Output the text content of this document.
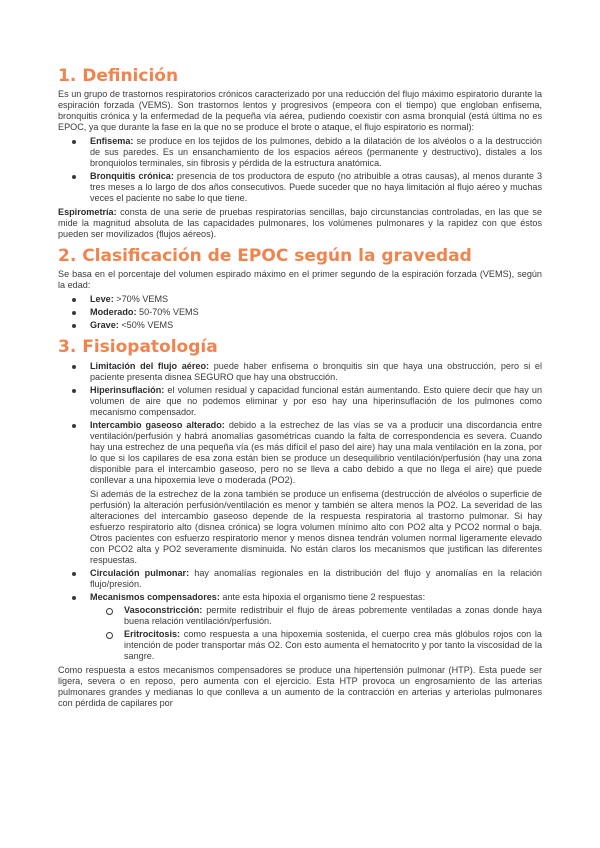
1. Definición

Es un grupo de trastornos respiratorios crónicos caracterizado por una reducción del flujo máximo espiratorio durante la espiración forzada (VEMS). Son trastornos lentos y progresivos (empeora con el tiempo) que engloban enfisema, bronquitis crónica y la enfermedad de la pequeña vía aérea, pudiendo coexistir con asma bronquial (está última no es EPOC, ya que durante la fase en la que no se produce el brote o ataque, el flujo espiratorio es normal):

Enfisema: se produce en los tejidos de los pulmones, debido a la dilatación de los alvéolos o a la destrucción de sus paredes. Es un ensanchamiento de los espacios aéreos (permanente y destructivo), distales a los bronquiolos terminales, sin fibrosis y pérdida de la estructura anatómica.
Bronquitis crónica: presencia de tos productora de esputo (no atribuible a otras causas), al menos durante 3 tres meses a lo largo de dos años consecutivos. Puede suceder que no haya limitación al flujo aéreo y muchas veces el paciente no sabe lo que tiene.

Espirometría: consta de una serie de pruebas respiratorias sencillas, bajo circunstancias controladas, en las que se mide la magnitud absoluta de las capacidades pulmonares, los volúmenes pulmonares y la rapidez con que éstos pueden ser movilizados (flujos aéreos).

2. Clasificación de EPOC según la gravedad

Se basa en el porcentaje del volumen espirado máximo en el primer segundo de la espiración forzada (VEMS), según la edad:

Leve: >70% VEMS
Moderado: 50-70% VEMS
Grave: <50% VEMS
3. Fisiopatología
Limitación del flujo aéreo: puede haber enfisema o bronquitis sin que haya una obstrucción, pero si el paciente presenta disnea SEGURO que hay una obstrucción.
Hiperinsuflación: el volumen residual y capacidad funcional están aumentando. Esto quiere decir que hay un volumen de aire que no podemos eliminar y por eso hay una hiperinsuflación de los pulmones como mecanismo compensador.
Intercambio gaseoso alterado: debido a la estrechez de las vías se va a producir una discordancia entre ventilación/perfusión y habrá anomalías gasométricas cuando la falta de correspondencia es severa. Cuando hay una estrechez de una pequeña vía (es más difícil el paso del aire) hay una mala ventilación en la zona, por lo que si los capilares de esa zona están bien se produce un desequilibrio ventilación/perfusión (hay una zona disponible para el intercambio gaseoso, pero no se lleva a cabo debido a que no llega el aire) que puede conllevar a una hipoxemia leve o moderada (PO2).

Si además de la estrechez de la zona también se produce un enfisema (destrucción de alvéolos o superficie de perfusión) la alteración perfusión/ventilación es menor y también se altera menos la PO2. La severidad de las alteraciones del intercambio gaseoso depende de la respuesta respiratoria al trastorno pulmonar. Si hay esfuerzo respiratorio alto (disnea crónica) se logra volumen mínimo alto con PO2 alta y PCO2 normal o baja. Otros pacientes con esfuerzo respiratorio menor y menos disnea tendrán volumen normal ligeramente elevado con PCO2 alta y PO2 severamente disminuida. No están claros los mecanismos que justifican las diferentes respuestas.

Circulación pulmonar: hay anomalías regionales en la distribución del flujo y anomalías en la relación flujo/presión.
Mecanismos compensadores: ante esta hipoxia el organismo tiene 2 respuestas:
Vasoconstricción: permite redistribuir el flujo de áreas pobremente ventiladas a zonas donde haya buena relación ventilación/perfusión.
Eritrocitosis: como respuesta a una hipoxemia sostenida, el cuerpo crea más glóbulos rojos con la intención de poder transportar más O2. Con esto aumenta el hematocrito y por tanto la viscosidad de la sangre.

Como respuesta a estos mecanismos compensadores se produce una hipertensión pulmonar (HTP). Esta puede ser ligera, severa o en reposo, pero aumenta con el ejercicio. Esta HTP provoca un engrosamiento de las arterias pulmonares grandes y medianas lo que conlleva a un aumento de la contracción en arterias y arteriolas pulmonares con pérdida de capilares por
